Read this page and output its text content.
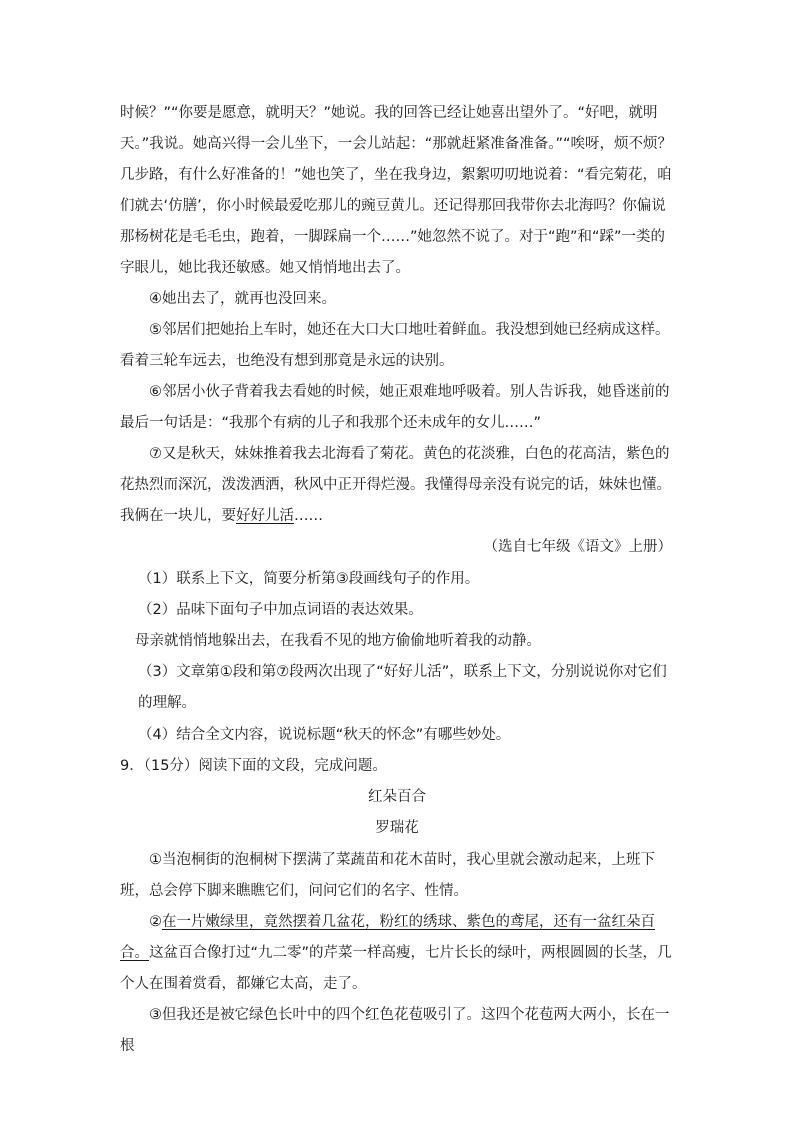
时候？”“你要是愿意，就明天？”她说。我的回答已经让她喜出望外了。“好吧，就明天。”我说。她高兴得一会儿坐下，一会儿站起：“那就赶紧准备准备。”“唉呀，烦不烦？几步路，有什么好准备的！”她也笑了，坐在我身边，絮絮叨叨地说着：“看完菊花，咱们就去‘仿膳’，你小时候最爱吃那儿的豌豆黄儿。还记得那回我带你去北海吗？你偏说那杨树花是毛毛虫，跑着，一脚踩扁一个……”她忽然不说了。对于“跑”和“踩”一类的字眼儿，她比我还敏感。她又悄悄地出去了。

④她出去了，就再也没回来。

⑤邻居们把她抬上车时，她还在大口大口地吐着鲜血。我没想到她已经病成这样。看着三轮车远去，也绝没有想到那竟是永远的诀别。

⑥邻居小伙子背着我去看她的时候，她正艰难地呼吸着。别人告诉我，她昏迷前的最后一句话是：“我那个有病的儿子和我那个还未成年的女儿……”

⑦又是秋天，妹妹推着我去北海看了菊花。黄色的花淡雅，白色的花高洁，紫色的花热烈而深沉，泼泼洒洒，秋风中正开得烂漫。我懂得母亲没有说完的话，妹妹也懂。我俩在一块儿，要好好儿活……

（选自七年级《语文》上册）
（1）联系上下文，简要分析第③段画线句子的作用。
（2）品味下面句子中加点词语的表达效果。
母亲就悄悄地躲出去，在我看不见的地方偷偷地听着我的动静。
（3）文章第①段和第⑦段两次出现了“好好儿活”，联系上下文，分别说说你对它们
的理解。
（4）结合全文内容，说说标题“秋天的怀念”有哪些妙处。
9．（15分）阅读下面的文段，完成问题。
红朵百合
罗瑞花

①当泡桐街的泡桐树下摆满了菜蔬苗和花木苗时，我心里就会激动起来，上班下班，总会停下脚来瞧瞧它们，问问它们的名字、性情。

②在一片嫩绿里，竟然摆着几盆花，粉红的绣球、紫色的鸢尾，还有一盆红朵百合。这盆百合像打过“九二零”的芹菜一样高瘦，七片长长的绿叶，两根圆圆的长茎，几个人在围着赏看，都嫌它太高，走了。

③但我还是被它绿色长叶中的四个红色花苞吸引了。这四个花苞两大两小，长在一根
